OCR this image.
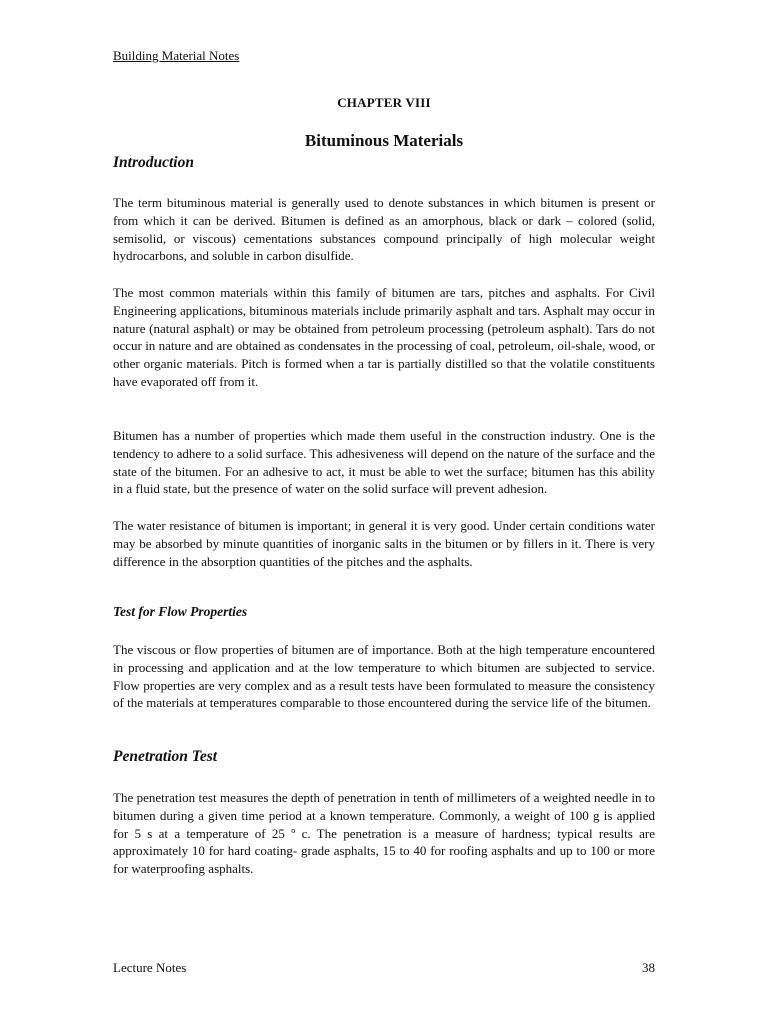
Building Material Notes
CHAPTER VIII
Bituminous Materials
Introduction

The term bituminous material is generally used to denote substances in which bitumen is present or from which it can be derived. Bitumen is defined as an amorphous, black or dark – colored (solid, semisolid, or viscous) cementations substances compound principally of high molecular weight hydrocarbons, and soluble in carbon disulfide.

The most common materials within this family of bitumen are tars, pitches and asphalts. For Civil Engineering applications, bituminous materials include primarily asphalt and tars. Asphalt may occur in nature (natural asphalt) or may be obtained from petroleum processing (petroleum asphalt). Tars do not occur in nature and are obtained as condensates in the processing of coal, petroleum, oil-shale, wood, or other organic materials. Pitch is formed when a tar is partially distilled so that the volatile constituents have evaporated off from it.

Bitumen has a number of properties which made them useful in the construction industry. One is the tendency to adhere to a solid surface. This adhesiveness will depend on the nature of the surface and the state of the bitumen. For an adhesive to act, it must be able to wet the surface; bitumen has this ability in a fluid state, but the presence of water on the solid surface will prevent adhesion.

The water resistance of bitumen is important; in general it is very good. Under certain conditions water may be absorbed by minute quantities of inorganic salts in the bitumen or by fillers in it. There is very difference in the absorption quantities of the pitches and the asphalts.

Test for Flow Properties

The viscous or flow properties of bitumen are of importance. Both at the high temperature encountered in processing and application and at the low temperature to which bitumen are subjected to service. Flow properties are very complex and as a result tests have been formulated to measure the consistency of the materials at temperatures comparable to those encountered during the service life of the bitumen.

Penetration Test

The penetration test measures the depth of penetration in tenth of millimeters of a weighted needle in to bitumen during a given time period at a known temperature. Commonly, a weight of 100 g is applied for 5 s at a temperature of 25 º c. The penetration is a measure of hardness; typical results are approximately 10 for hard coating- grade asphalts, 15 to 40 for roofing asphalts and up to 100 or more for waterproofing asphalts.

Lecture Notes	38
